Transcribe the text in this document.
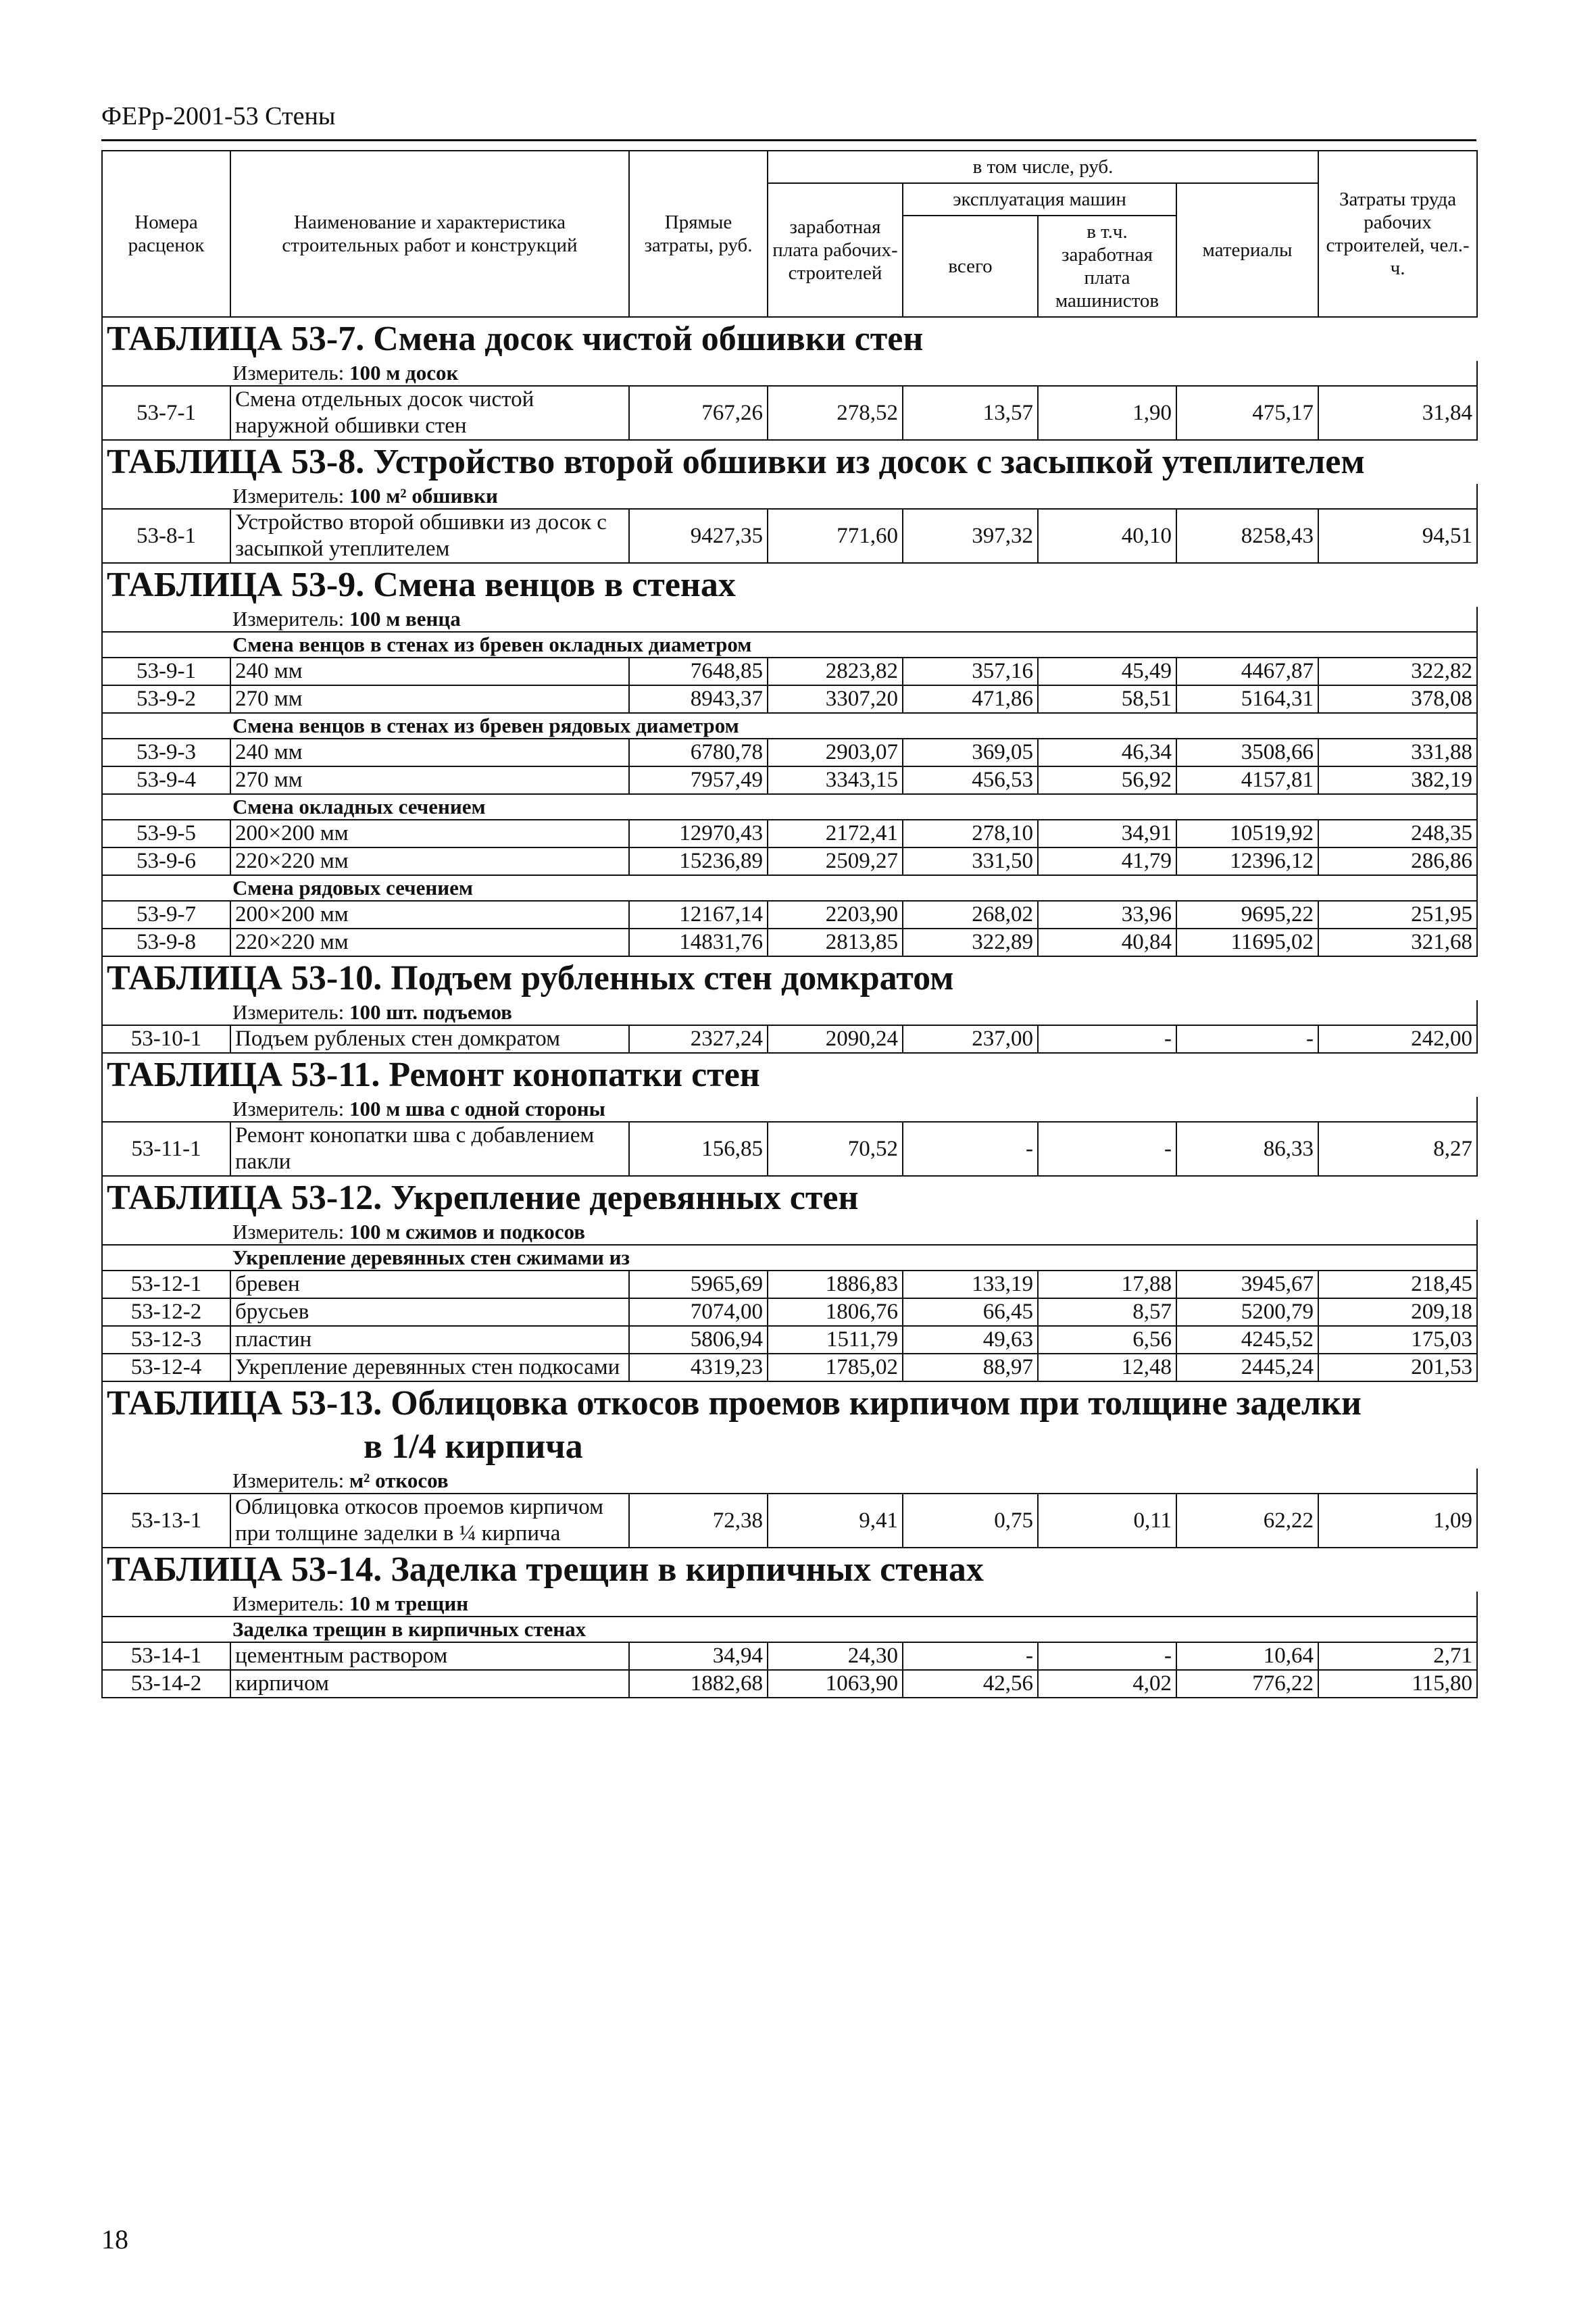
ФЕРр-2001-53 Стены
Номера расценок	Наименование и характеристика строительных работ и конструкций	Прямые затраты, руб.	в том числе, руб.				Затраты труда рабочих строителей, чел.-ч.
			заработная плата рабочих-строителей	эксплуатация машин		материалы	
				всего	в т.ч. заработная плата машинистов		
ТАБЛИЦА 53-7. Смена досок чистой обшивки стен							
Измеритель: 100 м досок							
53-7-1	Смена отдельных досок чистой наружной обшивки стен	767,26	278,52	13,57	1,90	475,17	31,84
ТАБЛИЦА 53-8. Устройство второй обшивки из досок с засыпкой утеплителем							
Измеритель: 100 м² обшивки							
53-8-1	Устройство второй обшивки из досок с засыпкой утеплителем	9427,35	771,60	397,32	40,10	8258,43	94,51
ТАБЛИЦА 53-9. Смена венцов в стенах							
Измеритель: 100 м венца							
Смена венцов в стенах из бревен окладных диаметром							
53-9-1	240 мм	7648,85	2823,82	357,16	45,49	4467,87	322,82
53-9-2	270 мм	8943,37	3307,20	471,86	58,51	5164,31	378,08
Смена венцов в стенах из бревен рядовых диаметром							
53-9-3	240 мм	6780,78	2903,07	369,05	46,34	3508,66	331,88
53-9-4	270 мм	7957,49	3343,15	456,53	56,92	4157,81	382,19
Смена окладных сечением							
53-9-5	200×200 мм	12970,43	2172,41	278,10	34,91	10519,92	248,35
53-9-6	220×220 мм	15236,89	2509,27	331,50	41,79	12396,12	286,86
Смена рядовых сечением							
53-9-7	200×200 мм	12167,14	2203,90	268,02	33,96	9695,22	251,95
53-9-8	220×220 мм	14831,76	2813,85	322,89	40,84	11695,02	321,68
ТАБЛИЦА 53-10. Подъем рубленных стен домкратом							
Измеритель: 100 шт. подъемов							
53-10-1	Подъем рубленых стен домкратом	2327,24	2090,24	237,00	-	-	242,00
ТАБЛИЦА 53-11. Ремонт конопатки стен							
Измеритель: 100 м шва с одной стороны							
53-11-1	Ремонт конопатки шва с добавлением пакли	156,85	70,52	-	-	86,33	8,27
ТАБЛИЦА 53-12. Укрепление деревянных стен							
Измеритель: 100 м сжимов и подкосов							
Укрепление деревянных стен сжимами из							
53-12-1	бревен	5965,69	1886,83	133,19	17,88	3945,67	218,45
53-12-2	брусьев	7074,00	1806,76	66,45	8,57	5200,79	209,18
53-12-3	пластин	5806,94	1511,79	49,63	6,56	4245,52	175,03
53-12-4	Укрепление деревянных стен подкосами	4319,23	1785,02	88,97	12,48	2445,24	201,53
ТАБЛИЦА 53-13. Облицовка откосов проемов кирпичом при толщине заделки
в 1/4 кирпича							

Измеритель: м² откосов							
53-13-1	Облицовка откосов проемов кирпичом при толщине заделки в ¼ кирпича	72,38	9,41	0,75	0,11	62,22	1,09
ТАБЛИЦА 53-14. Заделка трещин в кирпичных стенах							
Измеритель: 10 м трещин							
Заделка трещин в кирпичных стенах							
53-14-1	цементным раствором	34,94	24,30	-	-	10,64	2,71
53-14-2	кирпичом	1882,68	1063,90	42,56	4,02	776,22	115,80
18
